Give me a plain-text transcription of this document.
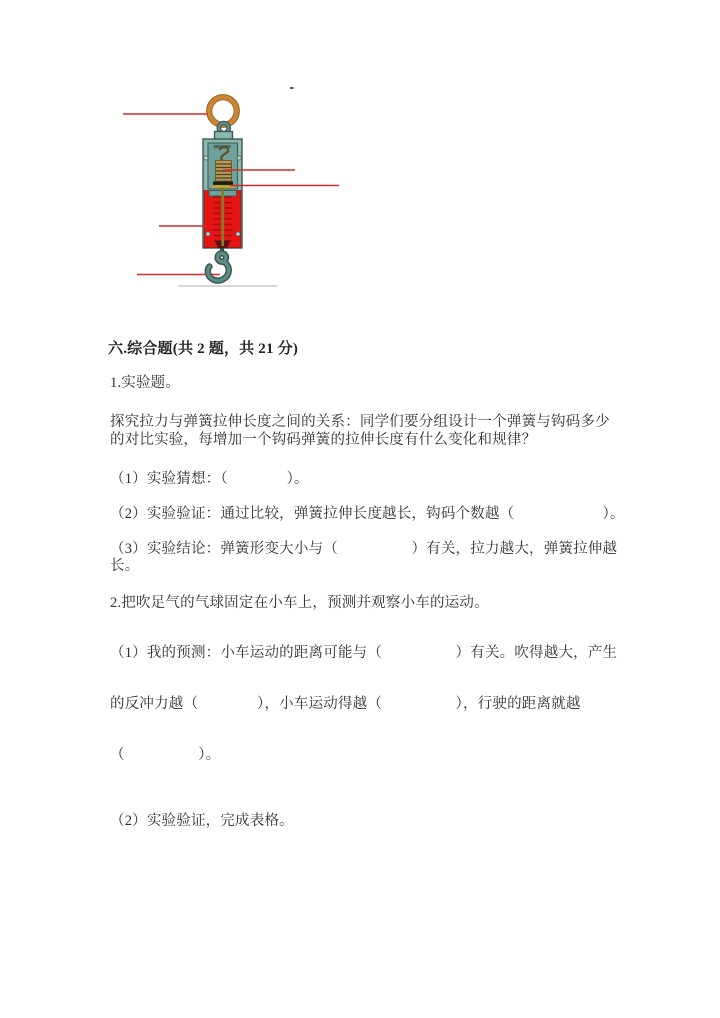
六.综合题(共 2 题，共 21 分)
1.实验题。
探究拉力与弹簧拉伸长度之间的关系：同学们要分组设计一个弹簧与钩码多少
的对比实验，每增加一个钩码弹簧的拉伸长度有什么变化和规律？
（1）实验猜想：（　　　　）。
（2）实验验证：通过比较，弹簧拉伸长度越长，钩码个数越（　　　　　　）。
（3）实验结论：弹簧形变大小与（　　　　　）有关，拉力越大，弹簧拉伸越
长。
2.把吹足气的气球固定在小车上，预测并观察小车的运动。
（1）我的预测：小车运动的距离可能与（　　　　　）有关。吹得越大，产生
的反冲力越（　　　　），小车运动得越（　　　　　），行驶的距离就越
（　　　　　）。
（2）实验验证，完成表格。
